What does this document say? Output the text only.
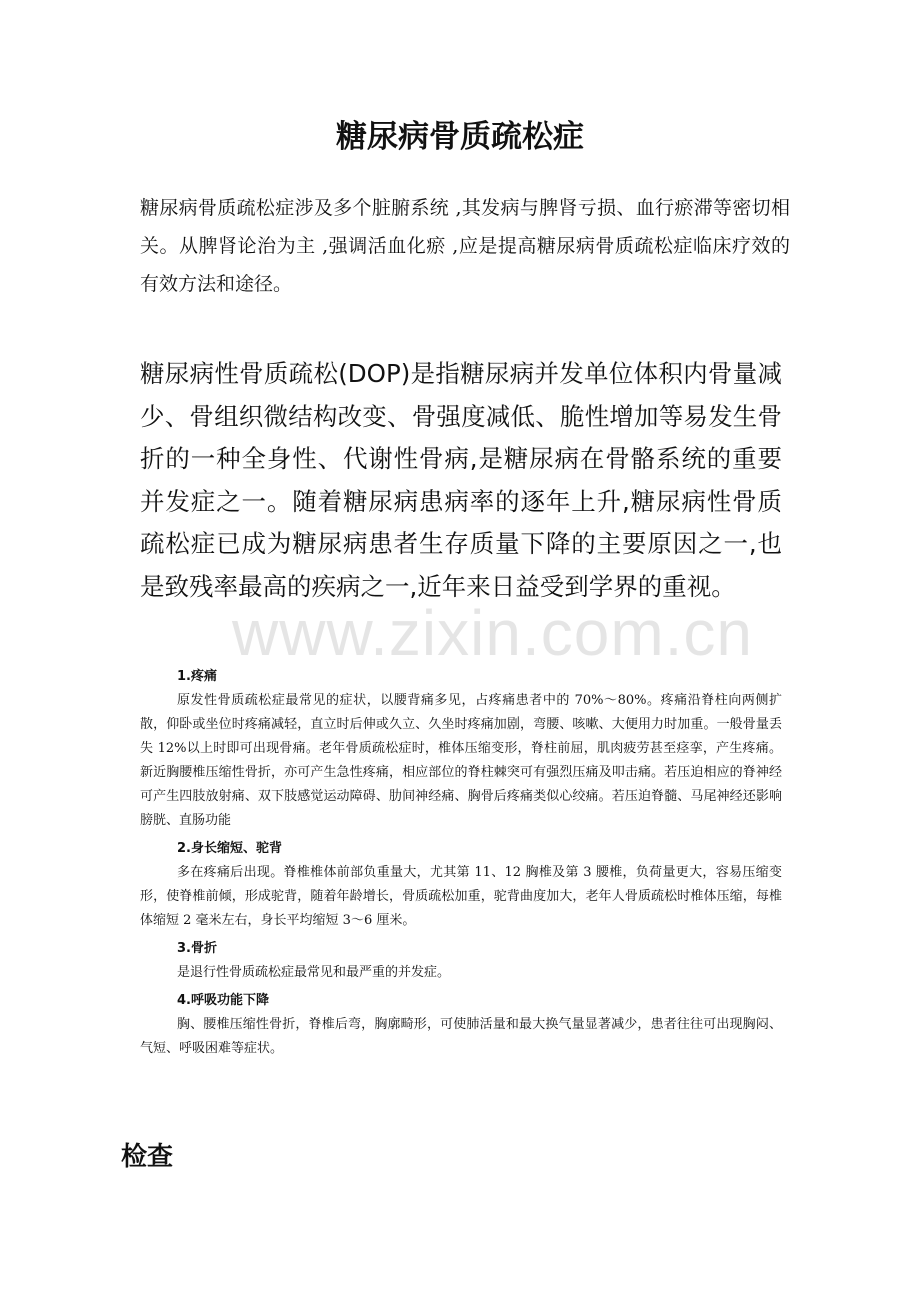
糖尿病骨质疏松症

糖尿病骨质疏松症涉及多个脏腑系统 ,其发病与脾肾亏损、血行瘀滞等密切相关。从脾肾论治为主 ,强调活血化瘀 ,应是提高糖尿病骨质疏松症临床疗效的有效方法和途径。

糖尿病性骨质疏松(DOP)是指糖尿病并发单位体积内骨量减少、骨组织微结构改变、骨强度减低、脆性增加等易发生骨折的一种全身性、代谢性骨病,是糖尿病在骨骼系统的重要并发症之一。随着糖尿病患病率的逐年上升,糖尿病性骨质疏松症已成为糖尿病患者生存质量下降的主要原因之一,也是致残率最高的疾病之一,近年来日益受到学界的重视。

www.zixin.com.cn

1.疼痛

原发性骨质疏松症最常见的症状，以腰背痛多见，占疼痛患者中的 70%～80%。疼痛沿脊柱向两侧扩散，仰卧或坐位时疼痛减轻，直立时后伸或久立、久坐时疼痛加剧，弯腰、咳嗽、大便用力时加重。一般骨量丢失 12%以上时即可出现骨痛。老年骨质疏松症时，椎体压缩变形，脊柱前屈，肌肉疲劳甚至痉挛，产生疼痛。新近胸腰椎压缩性骨折，亦可产生急性疼痛，相应部位的脊柱棘突可有强烈压痛及叩击痛。若压迫相应的脊神经可产生四肢放射痛、双下肢感觉运动障碍、肋间神经痛、胸骨后疼痛类似心绞痛。若压迫脊髓、马尾神经还影响膀胱、直肠功能

2.身长缩短、驼背

多在疼痛后出现。脊椎椎体前部负重量大，尤其第 11、12 胸椎及第 3 腰椎，负荷量更大，容易压缩变形，使脊椎前倾，形成驼背，随着年龄增长，骨质疏松加重，驼背曲度加大，老年人骨质疏松时椎体压缩，每椎体缩短 2 毫米左右，身长平均缩短 3～6 厘米。

3.骨折

是退行性骨质疏松症最常见和最严重的并发症。

4.呼吸功能下降

胸、腰椎压缩性骨折，脊椎后弯，胸廓畸形，可使肺活量和最大换气量显著减少，患者往往可出现胸闷、气短、呼吸困难等症状。

检查
